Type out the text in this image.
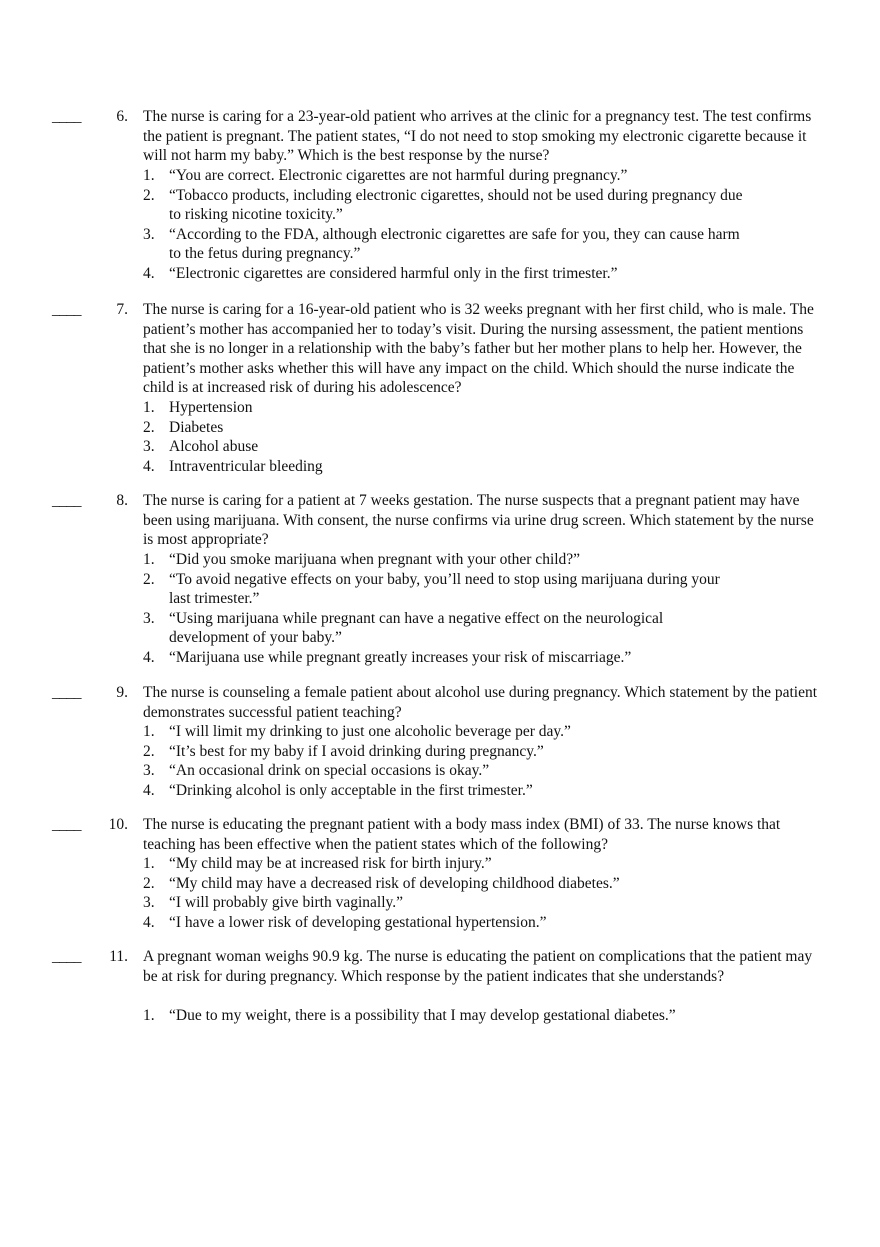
____ 6. The nurse is caring for a 23-year-old patient who arrives at the clinic for a pregnancy test. The test confirms the patient is pregnant. The patient states, “I do not need to stop smoking my electronic cigarette because it will not harm my baby.” Which is the best response by the nurse?
1. “You are correct. Electronic cigarettes are not harmful during pregnancy.”
2. “Tobacco products, including electronic cigarettes, should not be used during pregnancy due to risking nicotine toxicity.”
3. “According to the FDA, although electronic cigarettes are safe for you, they can cause harm to the fetus during pregnancy.”
4. “Electronic cigarettes are considered harmful only in the first trimester.”
____ 7. The nurse is caring for a 16-year-old patient who is 32 weeks pregnant with her first child, who is male. The patient’s mother has accompanied her to today’s visit. During the nursing assessment, the patient mentions that she is no longer in a relationship with the baby’s father but her mother plans to help her. However, the patient’s mother asks whether this will have any impact on the child. Which should the nurse indicate the child is at increased risk of during his adolescence?
1. Hypertension
2. Diabetes
3. Alcohol abuse
4. Intraventricular bleeding
____ 8. The nurse is caring for a patient at 7 weeks gestation. The nurse suspects that a pregnant patient may have been using marijuana. With consent, the nurse confirms via urine drug screen. Which statement by the nurse is most appropriate?
1. “Did you smoke marijuana when pregnant with your other child?”
2. “To avoid negative effects on your baby, you’ll need to stop using marijuana during your last trimester.”
3. “Using marijuana while pregnant can have a negative effect on the neurological development of your baby.”
4. “Marijuana use while pregnant greatly increases your risk of miscarriage.”
____ 9. The nurse is counseling a female patient about alcohol use during pregnancy. Which statement by the patient demonstrates successful patient teaching?
1. “I will limit my drinking to just one alcoholic beverage per day.”
2. “It’s best for my baby if I avoid drinking during pregnancy.”
3. “An occasional drink on special occasions is okay.”
4. “Drinking alcohol is only acceptable in the first trimester.”
____ 10. The nurse is educating the pregnant patient with a body mass index (BMI) of 33. The nurse knows that teaching has been effective when the patient states which of the following?
1. “My child may be at increased risk for birth injury.”
2. “My child may have a decreased risk of developing childhood diabetes.”
3. “I will probably give birth vaginally.”
4. “I have a lower risk of developing gestational hypertension.”
____ 11. A pregnant woman weighs 90.9 kg. The nurse is educating the patient on complications that the patient may be at risk for during pregnancy. Which response by the patient indicates that she understands?
1. “Due to my weight, there is a possibility that I may develop gestational diabetes.”
